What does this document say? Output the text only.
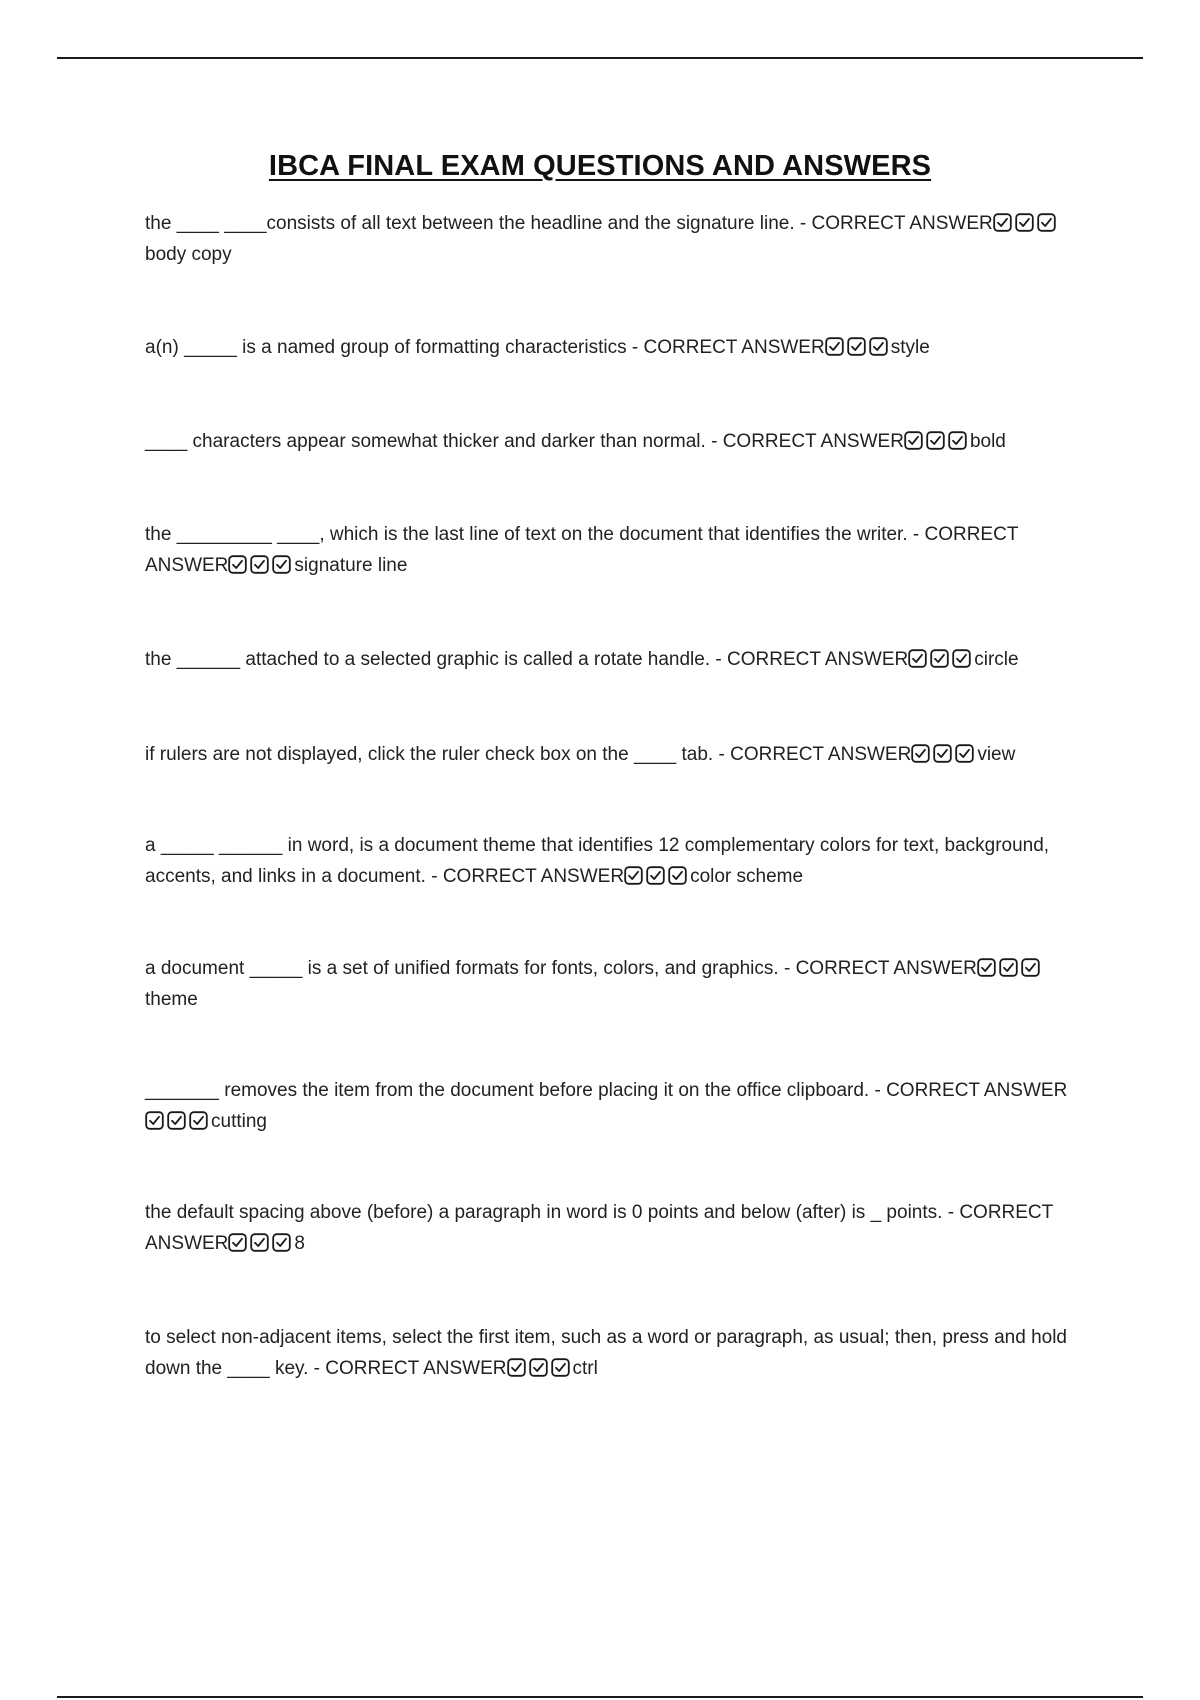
IBCA FINAL EXAM QUESTIONS AND ANSWERS
the ____ ____consists of all text between the headline and the signature line. - CORRECT ANSWER
body copy
a(n) _____ is a named group of formatting characteristics - CORRECT ANSWER	style
____ characters appear somewhat thicker and darker than normal. - CORRECT ANSWER	bold
the _________ ____, which is the last line of text on the document that identifies the writer. - CORRECT ANSWER	signature line
the ______ attached to a selected graphic is called a rotate handle. - CORRECT ANSWER	circle
if rulers are not displayed, click the ruler check box on the ____ tab. - CORRECT ANSWER	view
a _____ ______ in word, is a document theme that identifies 12 complementary colors for text, background, accents, and links in a document. - CORRECT ANSWER	color scheme
a document _____ is a set of unified formats for fonts, colors, and graphics. - CORRECT ANSWER
theme
_______ removes the item from the document before placing it on the office clipboard. - CORRECT ANSWER
cutting
the default spacing above (before) a paragraph in word is 0 points and below (after) is _ points. - CORRECT ANSWER	8
to select non-adjacent items, select the first item, such as a word or paragraph, as usual; then, press and hold down the ____ key. - CORRECT ANSWER	ctrl
